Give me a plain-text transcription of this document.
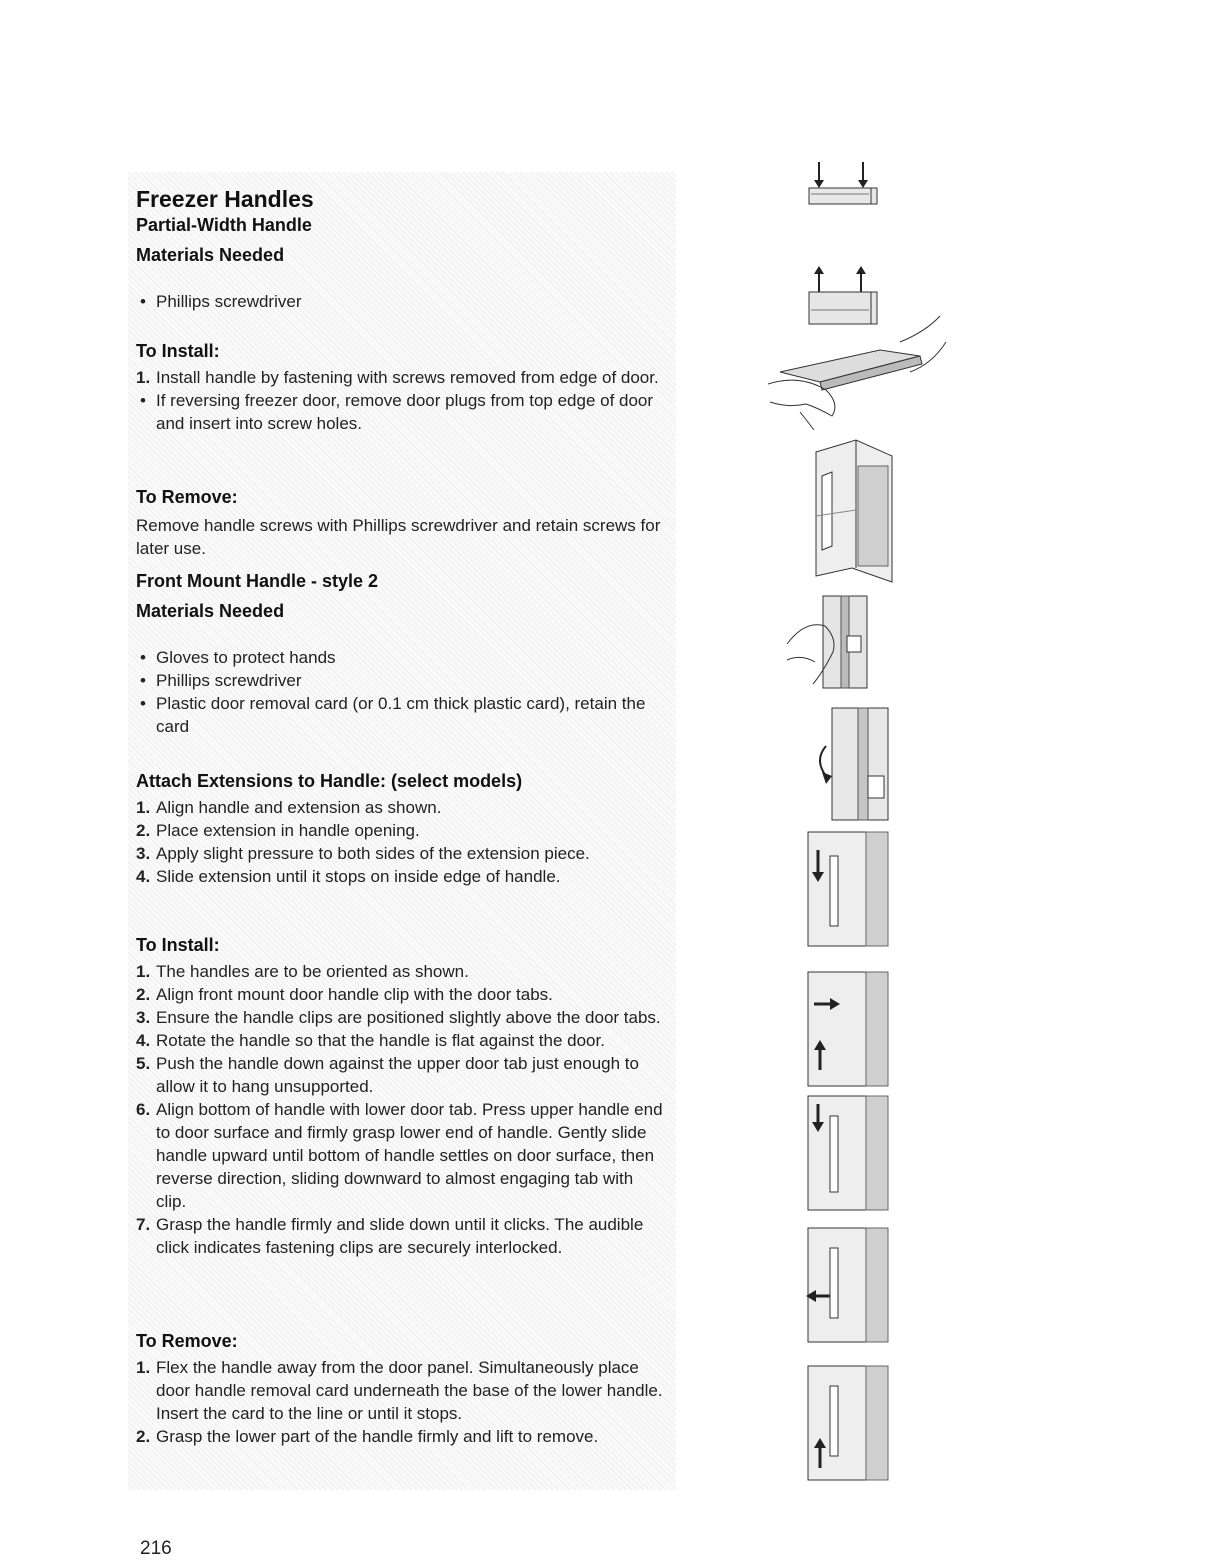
Freezer Handles
Partial-Width Handle
Materials Needed
• Phillips screwdriver
To Install:
1. Install handle by fastening with screws removed from edge of door.
• If reversing freezer door, remove door plugs from top edge of door and insert into screw holes.
To Remove:

Remove handle screws with Phillips screwdriver and retain screws for later use.

Front Mount Handle - style 2
Materials Needed
• Gloves to protect hands
• Phillips screwdriver
• Plastic door removal card (or 0.1 cm thick plastic card), retain the card
Attach Extensions to Handle: (select models)
1. Align handle and extension as shown.
2. Place extension in handle opening.
3. Apply slight pressure to both sides of the extension piece.
4. Slide extension until it stops on inside edge of handle.
To Install:
1. The handles are to be oriented as shown.
2. Align front mount door handle clip with the door tabs.
3. Ensure the handle clips are positioned slightly above the door tabs.
4. Rotate the handle so that the handle is flat against the door.
5. Push the handle down against the upper door tab just enough to allow it to hang unsupported.
6. Align bottom of handle with lower door tab. Press upper handle end to door surface and firmly grasp lower end of handle. Gently slide handle upward until bottom of handle settles on door surface, then reverse direction, sliding downward to almost engaging tab with clip.
7. Grasp the handle firmly and slide down until it clicks. The audible click indicates fastening clips are securely interlocked.
To Remove:
1. Flex the handle away from the door panel. Simultaneously place door handle removal card underneath the base of the lower handle. Insert the card to the line or until it stops.
2. Grasp the lower part of the handle firmly and lift to remove.
216
